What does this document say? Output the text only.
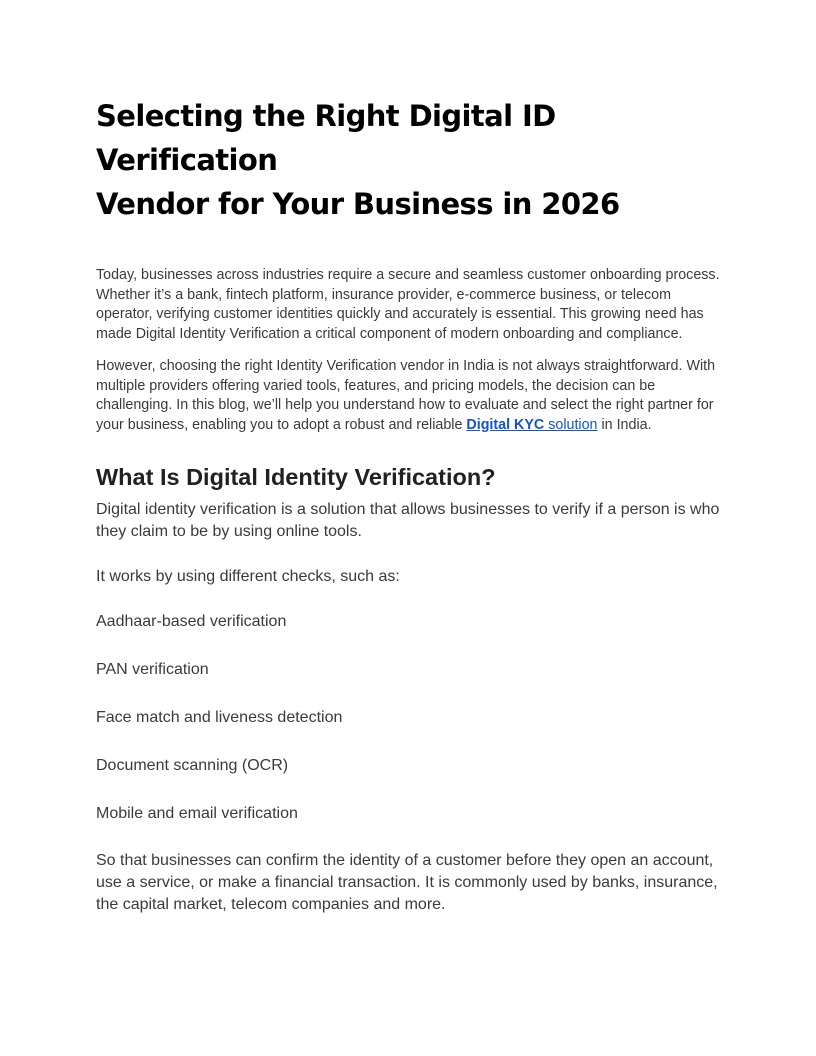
Selecting the Right Digital ID Verification
Vendor for Your Business in 2026

Today, businesses across industries require a secure and seamless customer onboarding process. Whether it’s a bank, fintech platform, insurance provider, e-commerce business, or telecom operator, verifying customer identities quickly and accurately is essential. This growing need has made Digital Identity Verification a critical component of modern onboarding and compliance.

However, choosing the right Identity Verification vendor in India is not always straightforward. With multiple providers offering varied tools, features, and pricing models, the decision can be challenging. In this blog, we’ll help you understand how to evaluate and select the right partner for your business, enabling you to adopt a robust and reliable Digital KYC solution in India.

What Is Digital Identity Verification?

Digital identity verification is a solution that allows businesses to verify if a person is who they claim to be by using online tools.

It works by using different checks, such as:

Aadhaar-based verification

PAN verification

Face match and liveness detection

Document scanning (OCR)

Mobile and email verification

So that businesses can confirm the identity of a customer before they open an account, use a service, or make a financial transaction. It is commonly used by banks, insurance, the capital market, telecom companies and more.
